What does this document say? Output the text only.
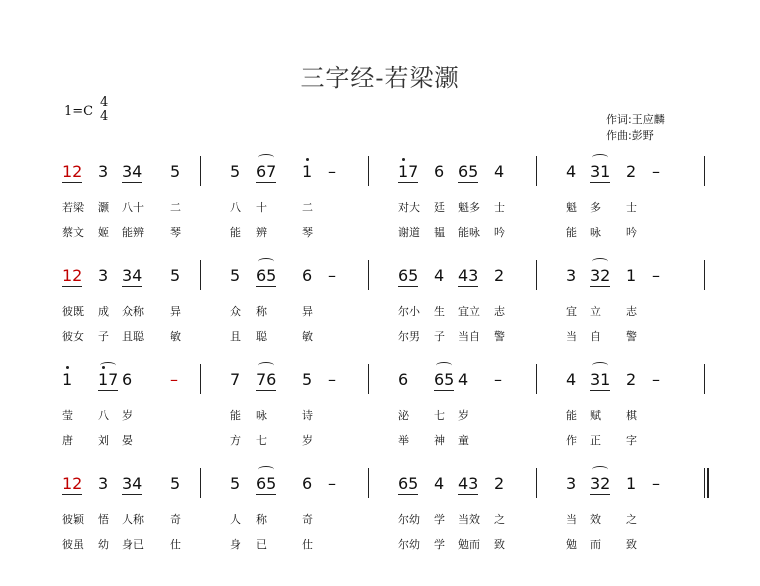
三字经-若梁灏
1=C
4
4	作词:王应麟
作曲:彭野
12 3 34 5	5 67 1 –	17 6 65 4	4 31 2 –
若梁 灏 八十 二	八 十	二	对大 廷 魁多 士	魁 多 士
蔡文 姬 能辨 琴	能 辨	琴	谢道 韫 能咏 吟	能 咏 吟
12 3 34 5	5 65 6 –	65 4 43 2	3 32 1 –
彼既 成 众称 异	众 称	异	尔小 生 宜立 志	宜 立 志
彼女 子 且聪 敏	且 聪	敏	尔男 子 当自 警	当 自 警
1 17 6 –	7 76 5 –	6 65 4 –	4 31 2 –
莹 八 岁	能 咏	诗	泌 七 岁	能 赋 棋
唐 刘 晏	方 七	岁	举 神 童	作 正 字
12 3 34 5	5 65 6 –	65 4 43 2	3 32 1 –
彼颖 悟 人称 奇	人 称	奇	尔幼 学 当效 之	当 效 之
彼虽 幼 身已 仕	身 已	仕	尔幼 学 勉而 致	勉 而 致
